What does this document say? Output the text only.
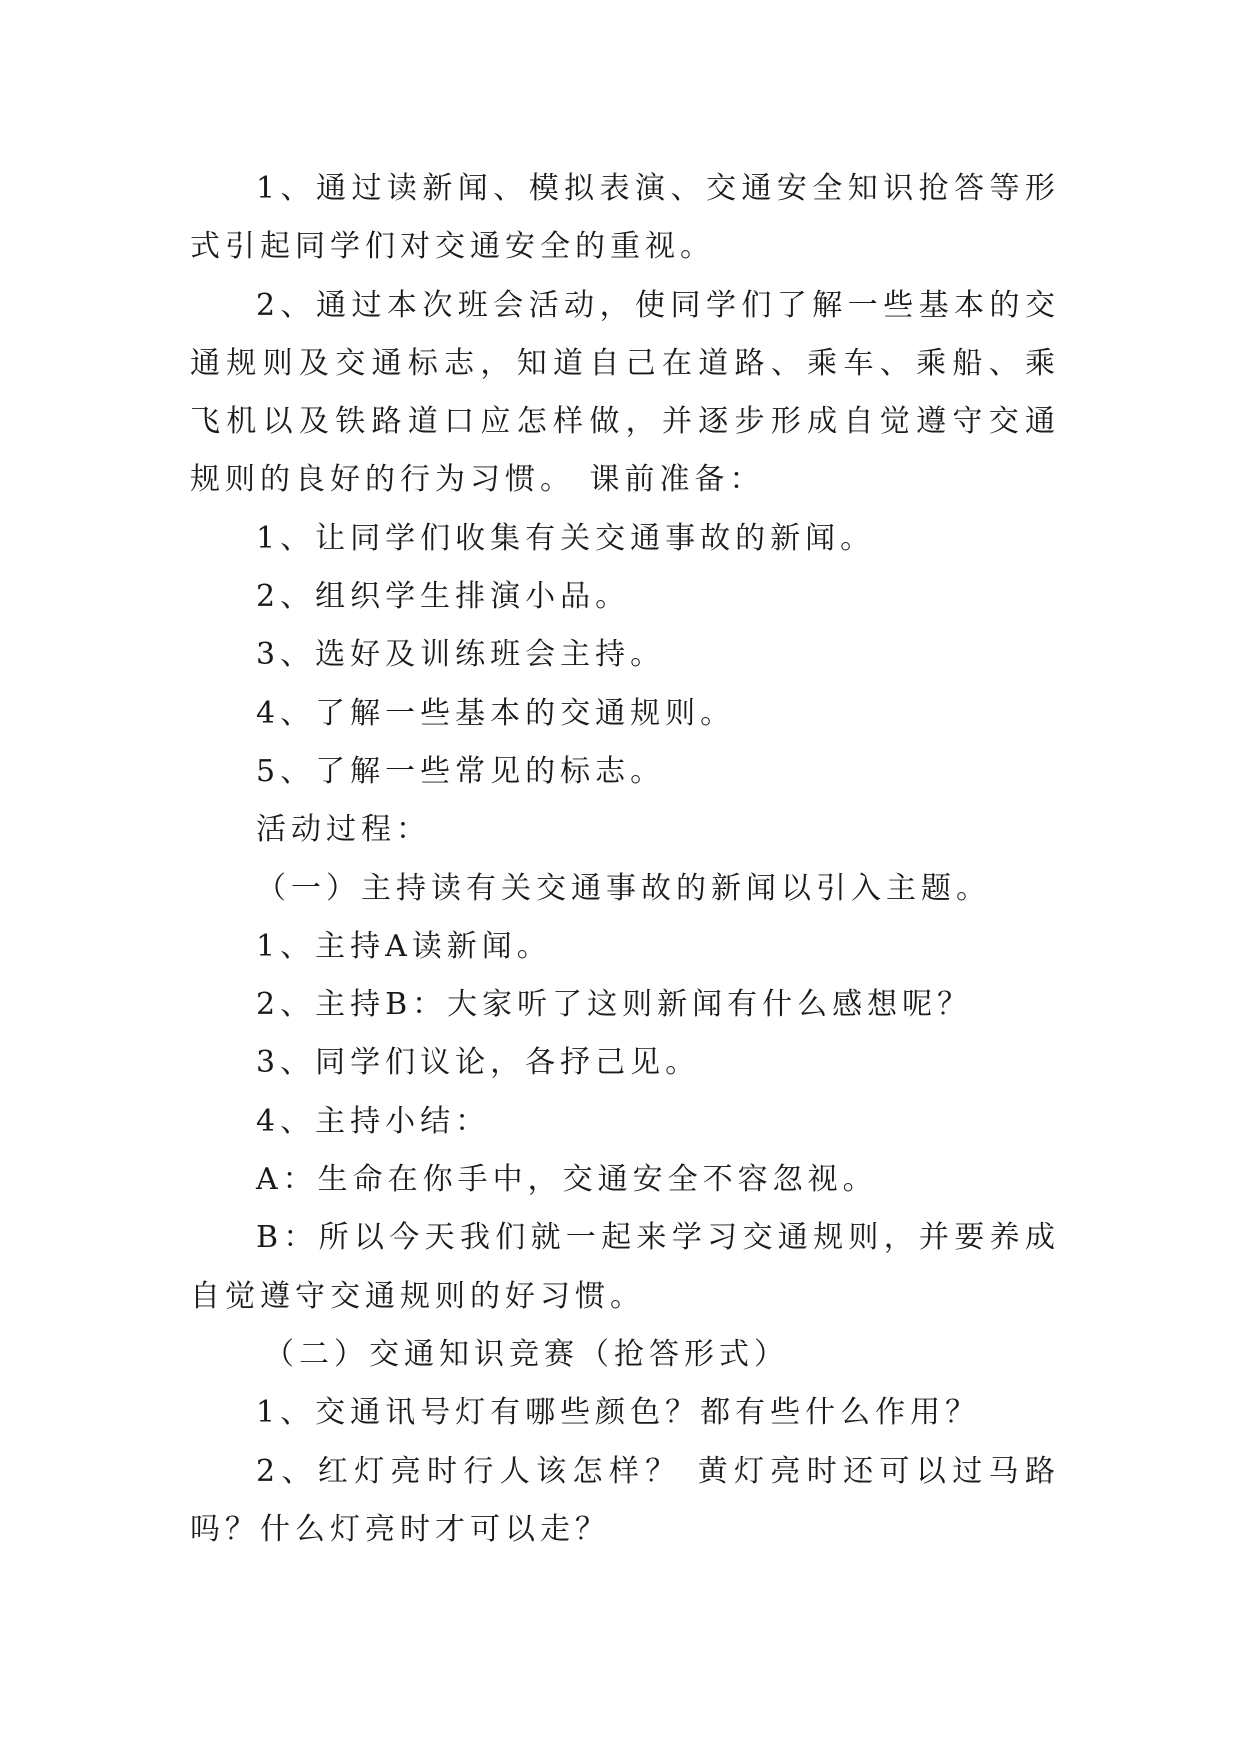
1、通过读新闻、模拟表演、交通安全知识抢答等形式引起同学们对交通安全的重视。

2、通过本次班会活动，使同学们了解一些基本的交通规则及交通标志，知道自己在道路、乘车、乘船、乘飞机以及铁路道口应怎样做，并逐步形成自觉遵守交通规则的良好的行为习惯。 课前准备：

1、让同学们收集有关交通事故的新闻。

2、组织学生排演小品。

3、选好及训练班会主持。

4、了解一些基本的交通规则。

5、了解一些常见的标志。

活动过程：

（一）主持读有关交通事故的新闻以引入主题。

1、主持A读新闻。

2、主持B：大家听了这则新闻有什么感想呢？

3、同学们议论，各抒己见。

4、主持小结：

A：生命在你手中，交通安全不容忽视。

B：所以今天我们就一起来学习交通规则，并要养成自觉遵守交通规则的好习惯。

（二）交通知识竞赛（抢答形式）

1、交通讯号灯有哪些颜色？都有些什么作用？

2、红灯亮时行人该怎样？ 黄灯亮时还可以过马路吗？什么灯亮时才可以走？
